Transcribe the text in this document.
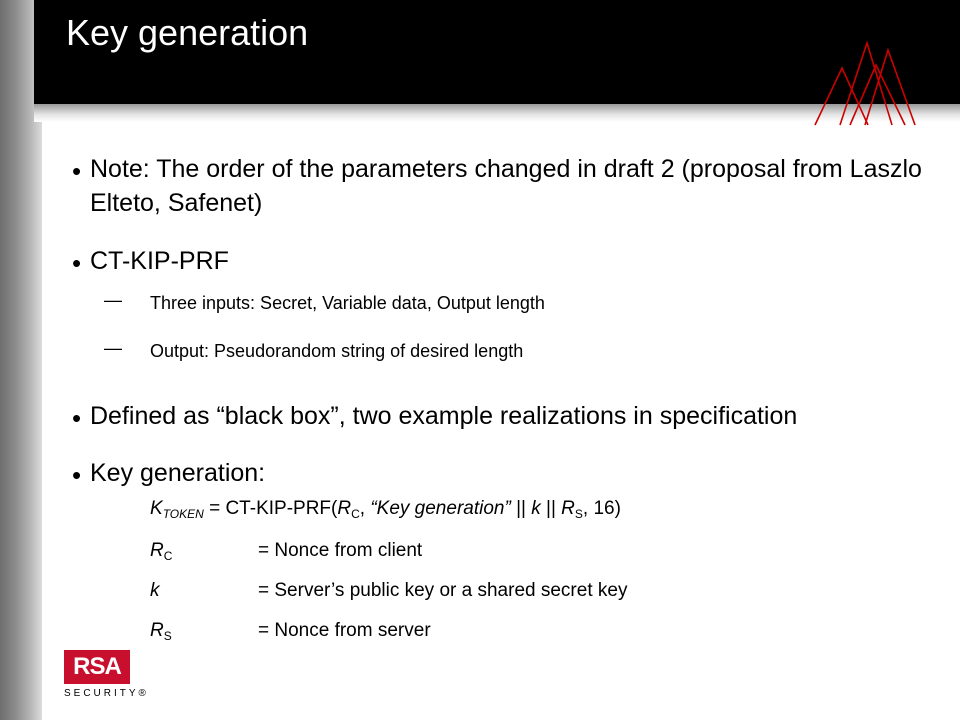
Key generation
• Note: The order of the parameters changed in draft 2 (proposal from Laszlo Elteto, Safenet)
• CT-KIP-PRF
— Three inputs: Secret, Variable data, Output length
— Output: Pseudorandom string of desired length
• Defined as “black box”, two example realizations in specification
• Key generation:
$K_{TOKEN} = CT-KIP-PRF(R_C$, “Key generation” || k || $R_S$, 16)
$R_C$	= Nonce from client
k	= Server’s public key or a shared secret key
$R_S$	= Nonce from server
RSA
SECURITY®
